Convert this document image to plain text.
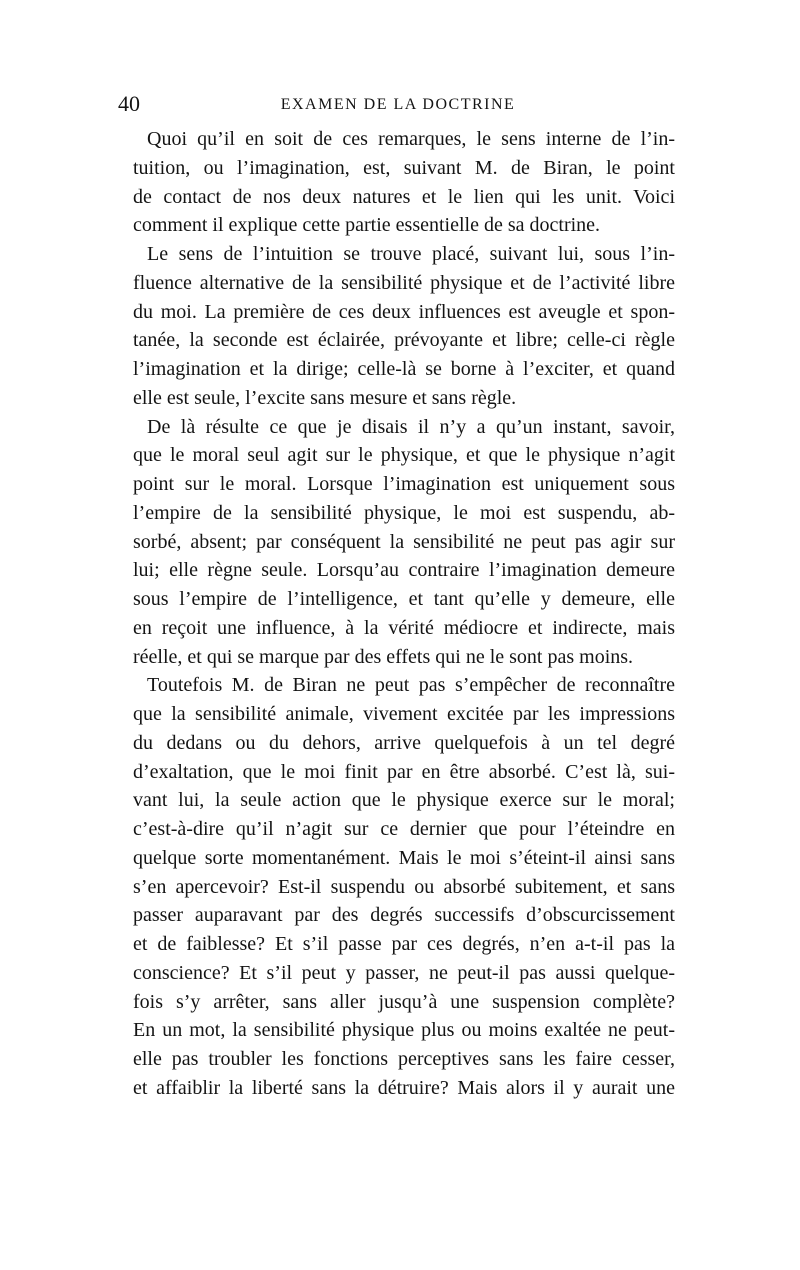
40	EXAMEN DE LA DOCTRINE
Quoi qu’il en soit de ces remarques, le sens interne de l’in-
tuition, ou l’imagination, est, suivant M. de Biran, le point
de contact de nos deux natures et le lien qui les unit. Voici
comment il explique cette partie essentielle de sa doctrine.
Le sens de l’intuition se trouve placé, suivant lui, sous l’in-
fluence alternative de la sensibilité physique et de l’activité libre
du moi. La première de ces deux influences est aveugle et spon-
tanée, la seconde est éclairée, prévoyante et libre; celle-ci règle
l’imagination et la dirige; celle-là se borne à l’exciter, et quand
elle est seule, l’excite sans mesure et sans règle.
De là résulte ce que je disais il n’y a qu’un instant, savoir,
que le moral seul agit sur le physique, et que le physique n’agit
point sur le moral. Lorsque l’imagination est uniquement sous
l’empire de la sensibilité physique, le moi est suspendu, ab-
sorbé, absent; par conséquent la sensibilité ne peut pas agir sur
lui; elle règne seule. Lorsqu’au contraire l’imagination demeure
sous l’empire de l’intelligence, et tant qu’elle y demeure, elle
en reçoit une influence, à la vérité médiocre et indirecte, mais
réelle, et qui se marque par des effets qui ne le sont pas moins.
Toutefois M. de Biran ne peut pas s’empêcher de reconnaître
que la sensibilité animale, vivement excitée par les impressions
du dedans ou du dehors, arrive quelquefois à un tel degré
d’exaltation, que le moi finit par en être absorbé. C’est là, sui-
vant lui, la seule action que le physique exerce sur le moral;
c’est-à-dire qu’il n’agit sur ce dernier que pour l’éteindre en
quelque sorte momentanément. Mais le moi s’éteint-il ainsi sans
s’en apercevoir? Est-il suspendu ou absorbé subitement, et sans
passer auparavant par des degrés successifs d’obscurcissement
et de faiblesse? Et s’il passe par ces degrés, n’en a-t-il pas la
conscience? Et s’il peut y passer, ne peut-il pas aussi quelque-
fois s’y arrêter, sans aller jusqu’à une suspension complète?
En un mot, la sensibilité physique plus ou moins exaltée ne peut-
elle pas troubler les fonctions perceptives sans les faire cesser,
et affaiblir la liberté sans la détruire? Mais alors il y aurait une
